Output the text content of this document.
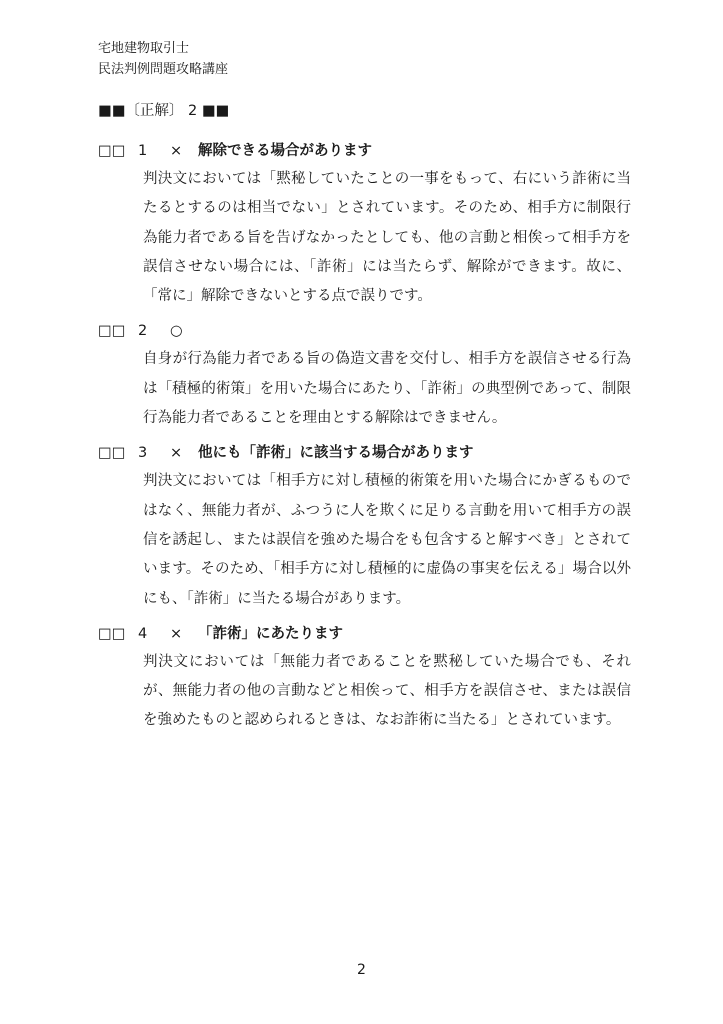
宅地建物取引士
民法判例問題攻略講座
■■〔正解〕 2 ■■
□□ 1	×	解除できる場合があります
判決文においては「黙秘していたことの一事をもって、右にいう詐術に当たるとするのは相当でない」とされています。そのため、相手方に制限行為能力者である旨を告げなかったとしても、他の言動と相俟って相手方を誤信させない場合には、「詐術」には当たらず、解除ができます。故に、「常に」解除できないとする点で誤りです。
□□ 2	○
自身が行為能力者である旨の偽造文書を交付し、相手方を誤信させる行為は「積極的術策」を用いた場合にあたり、「詐術」の典型例であって、制限行為能力者であることを理由とする解除はできません。
□□ 3	×	他にも「詐術」に該当する場合があります
判決文においては「相手方に対し積極的術策を用いた場合にかぎるものではなく、無能力者が、ふつうに人を欺くに足りる言動を用いて相手方の誤信を誘起し、または誤信を強めた場合をも包含すると解すべき」とされています。そのため、「相手方に対し積極的に虚偽の事実を伝える」場合以外にも、「詐術」に当たる場合があります。
□□ 4	×	「詐術」にあたります
判決文においては「無能力者であることを黙秘していた場合でも、それが、無能力者の他の言動などと相俟って、相手方を誤信させ、または誤信を強めたものと認められるときは、なお詐術に当たる」とされています。
2
